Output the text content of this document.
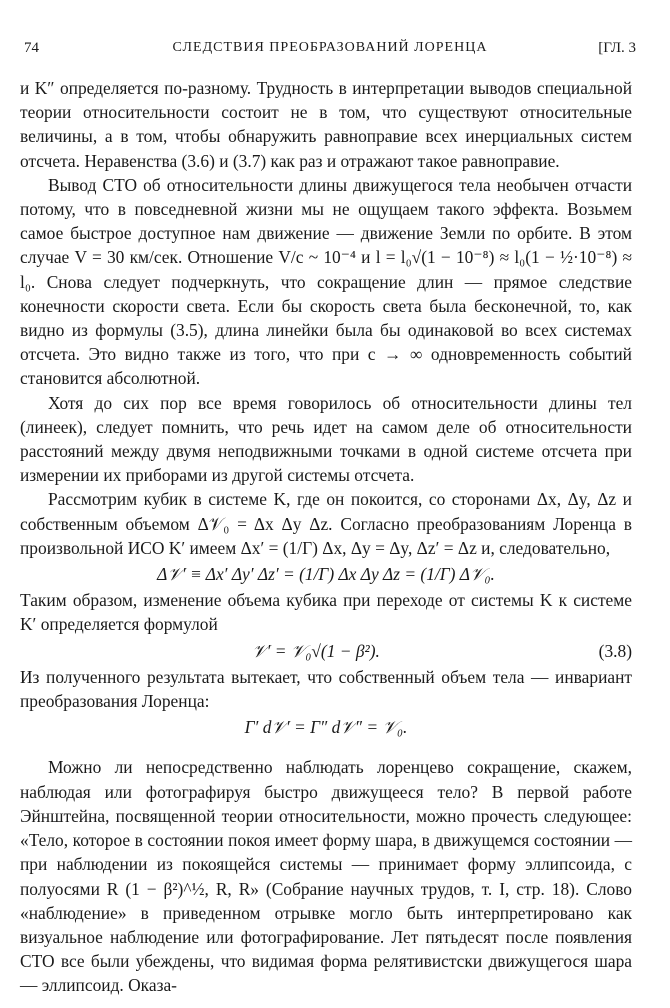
74	СЛЕДСТВИЯ ПРЕОБРАЗОВАНИЙ ЛОРЕНЦА	[ГЛ. 3

и K″ определяется по-разному. Трудность в интерпретации выводов специальной теории относительности состоит не в том, что существуют относительные величины, а в том, чтобы обнаружить равноправие всех инерциальных систем отсчета. Неравенства (3.6) и (3.7) как раз и отражают такое равноправие.

Вывод СТО об относительности длины движущегося тела необычен отчасти потому, что в повседневной жизни мы не ощущаем такого эффекта. Возьмем самое быстрое доступное нам движение — движение Земли по орбите. В этом случае V = 30 км/сек. Отношение V/c ~ 10⁻⁴ и l = l₀√(1 − 10⁻⁸) ≈ l₀(1 − ½·10⁻⁸) ≈ l₀. Снова следует подчеркнуть, что сокращение длин — прямое следствие конечности скорости света. Если бы скорость света была бесконечной, то, как видно из формулы (3.5), длина линейки была бы одинаковой во всех системах отсчета. Это видно также из того, что при c → ∞ одновременность событий становится абсолютной.

Хотя до сих пор все время говорилось об относительности длины тел (линеек), следует помнить, что речь идет на самом деле об относительности расстояний между двумя неподвижными точками в одной системе отсчета при измерении их приборами из другой системы отсчета.

Рассмотрим кубик в системе K, где он покоится, со сторонами Δx, Δy, Δz и собственным объемом Δ𝒱₀ = Δx Δy Δz. Согласно преобразованиям Лоренца в произвольной ИСО K′ имеем Δx′ = (1/Γ) Δx, Δy = Δy, Δz′ = Δz и, следовательно,

Δ𝒱′ ≡ Δx′ Δy′ Δz′ = (1/Γ) Δx Δy Δz = (1/Γ) Δ𝒱₀.

Таким образом, изменение объема кубика при переходе от системы K к системе K′ определяется формулой

𝒱′ = 𝒱₀√(1 − β²).	(3.8)

Из полученного результата вытекает, что собственный объем тела — инвариант преобразования Лоренца:

Γ′ d𝒱′ = Γ″ d𝒱″ = 𝒱₀.

Можно ли непосредственно наблюдать лоренцево сокращение, скажем, наблюдая или фотографируя быстро движущееся тело? В первой работе Эйнштейна, посвященной теории относительности, можно прочесть следующее: «Тело, которое в состоянии покоя имеет форму шара, в движущемся состоянии — при наблюдении из покоящейся системы — принимает форму эллипсоида, с полуосями R (1 − β²)^½, R, R» (Собрание научных трудов, т. I, стр. 18). Слово «наблюдение» в приведенном отрывке могло быть интерпретировано как визуальное наблюдение или фотографирование. Лет пятьдесят после появления СТО все были убеждены, что видимая форма релятивистски движущегося шара — эллипсоид. Оказа-
